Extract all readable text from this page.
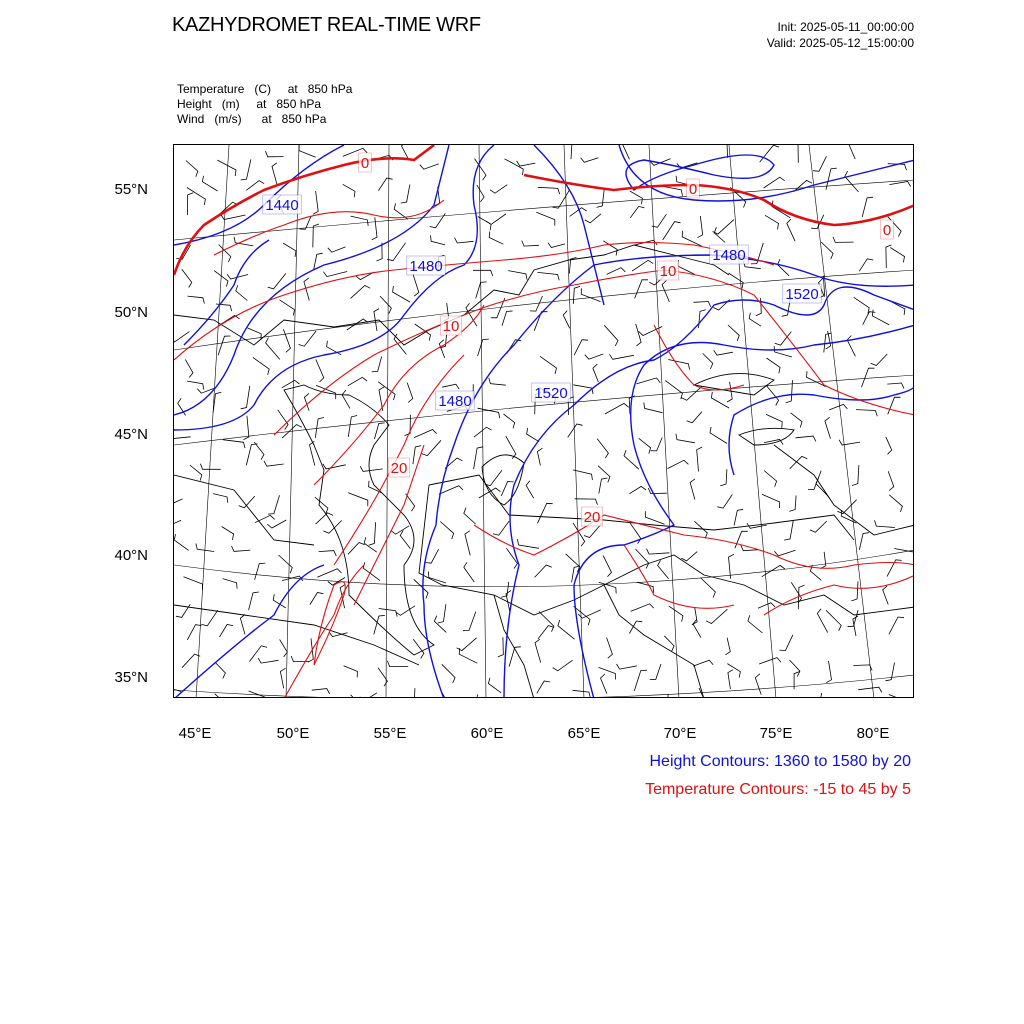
KAZHYDROMET REAL-TIME WRF	Init: 2025-05-11_00:00:00
Valid: 2025-05-12_15:00:00
Temperature   (C)     at   850 hPa
Height   (m)     at   850 hPa
Wind   (m/s)      at   850 hPa
1440
1480
1480
1480
1520
1520
0
0
0
10
10
20
20
55°N
50°N
45°N
40°N
35°N
45°E	50°E	55°E	60°E	65°E	70°E	75°E	80°E
Height Contours: 1360 to 1580 by 20
Temperature Contours: -15 to 45 by 5
